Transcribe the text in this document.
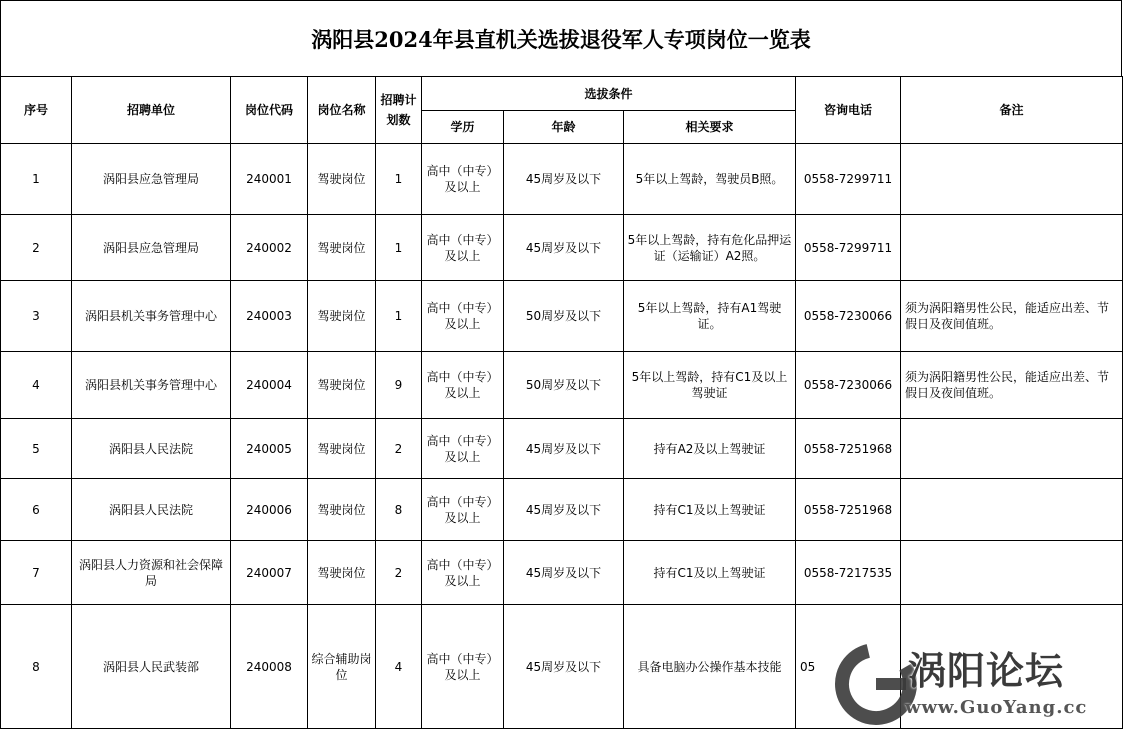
涡阳县2024年县直机关选拔退役军人专项岗位一览表
序号	招聘单位	岗位代码	岗位名称	招聘计划数	选拔条件			咨询电话	备注
					学历	年龄	相关要求		
1	涡阳县应急管理局	240001	驾驶岗位	1	高中（中专）及以上	45周岁及以下	5年以上驾龄，驾驶员B照。	0558-7299711	
2	涡阳县应急管理局	240002	驾驶岗位	1	高中（中专）及以上	45周岁及以下	5年以上驾龄，持有危化品押运证（运输证）A2照。	0558-7299711	
3	涡阳县机关事务管理中心	240003	驾驶岗位	1	高中（中专）及以上	50周岁及以下	5年以上驾龄，持有A1驾驶证。	0558-7230066	须为涡阳籍男性公民，能适应出差、节假日及夜间值班。
4	涡阳县机关事务管理中心	240004	驾驶岗位	9	高中（中专）及以上	50周岁及以下	5年以上驾龄，持有C1及以上驾驶证	0558-7230066	须为涡阳籍男性公民，能适应出差、节假日及夜间值班。
5	涡阳县人民法院	240005	驾驶岗位	2	高中（中专）及以上	45周岁及以下	持有A2及以上驾驶证	0558-7251968	
6	涡阳县人民法院	240006	驾驶岗位	8	高中（中专）及以上	45周岁及以下	持有C1及以上驾驶证	0558-7251968	
7	涡阳县人力资源和社会保障局	240007	驾驶岗位	2	高中（中专）及以上	45周岁及以下	持有C1及以上驾驶证	0558-7217535	
8	涡阳县人民武装部	240008	综合辅助岗位	4	高中（中专）及以上	45周岁及以下	具备电脑办公操作基本技能	05	涡阳论坛
www.GuoYang.cc
